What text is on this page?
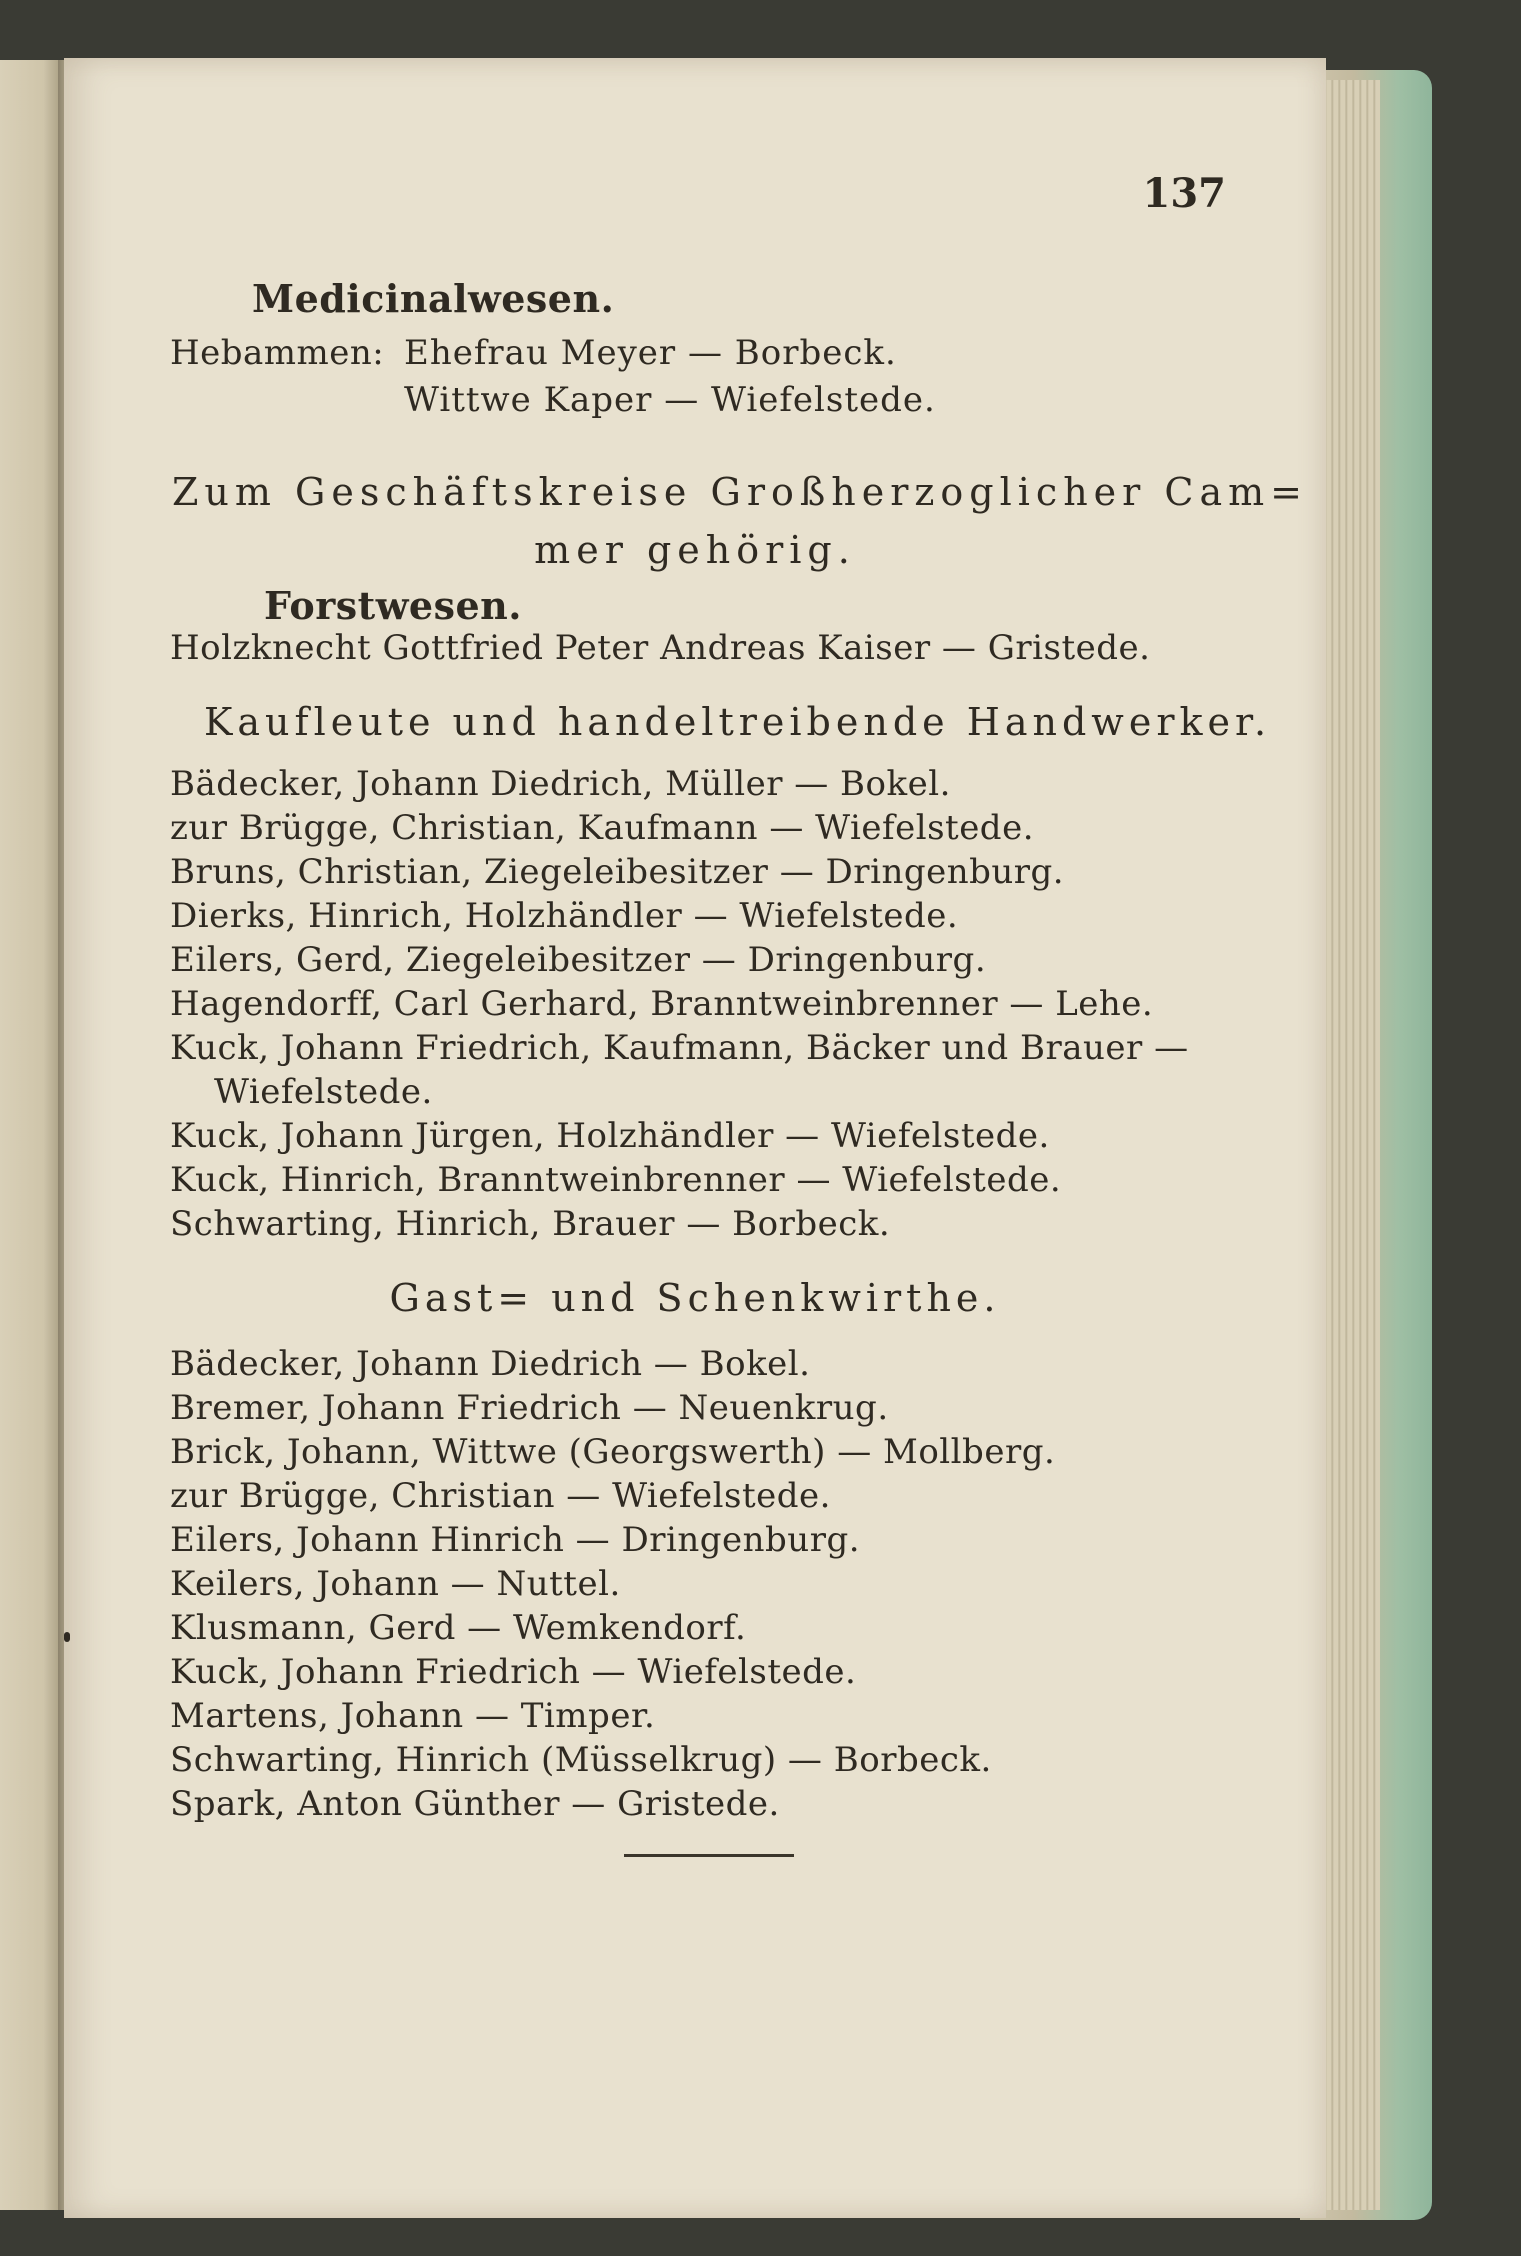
137
Medicinalwesen.
Hebammen: Ehefrau Meyer — Borbeck.
Wittwe Kaper — Wiefelstede.
Zum Geschäftskreise Großherzoglicher Cam=
mer gehörig.
Forstwesen.
Holzknecht Gottfried Peter Andreas Kaiser — Gristede.
Kaufleute und handeltreibende Handwerker.
Bädecker, Johann Diedrich, Müller — Bokel.
zur Brügge, Christian, Kaufmann — Wiefelstede.
Bruns, Christian, Ziegeleibesitzer — Dringenburg.
Dierks, Hinrich, Holzhändler — Wiefelstede.
Eilers, Gerd, Ziegeleibesitzer — Dringenburg.
Hagendorff, Carl Gerhard, Branntweinbrenner — Lehe.
Kuck, Johann Friedrich, Kaufmann, Bäcker und Brauer —
Wiefelstede.
Kuck, Johann Jürgen, Holzhändler — Wiefelstede.
Kuck, Hinrich, Branntweinbrenner — Wiefelstede.
Schwarting, Hinrich, Brauer — Borbeck.
Gast= und Schenkwirthe.
Bädecker, Johann Diedrich — Bokel.
Bremer, Johann Friedrich — Neuenkrug.
Brick, Johann, Wittwe (Georgswerth) — Mollberg.
zur Brügge, Christian — Wiefelstede.
Eilers, Johann Hinrich — Dringenburg.
Keilers, Johann — Nuttel.
Klusmann, Gerd — Wemkendorf.
Kuck, Johann Friedrich — Wiefelstede.
Martens, Johann — Timper.
Schwarting, Hinrich (Müsselkrug) — Borbeck.
Spark, Anton Günther — Gristede.
